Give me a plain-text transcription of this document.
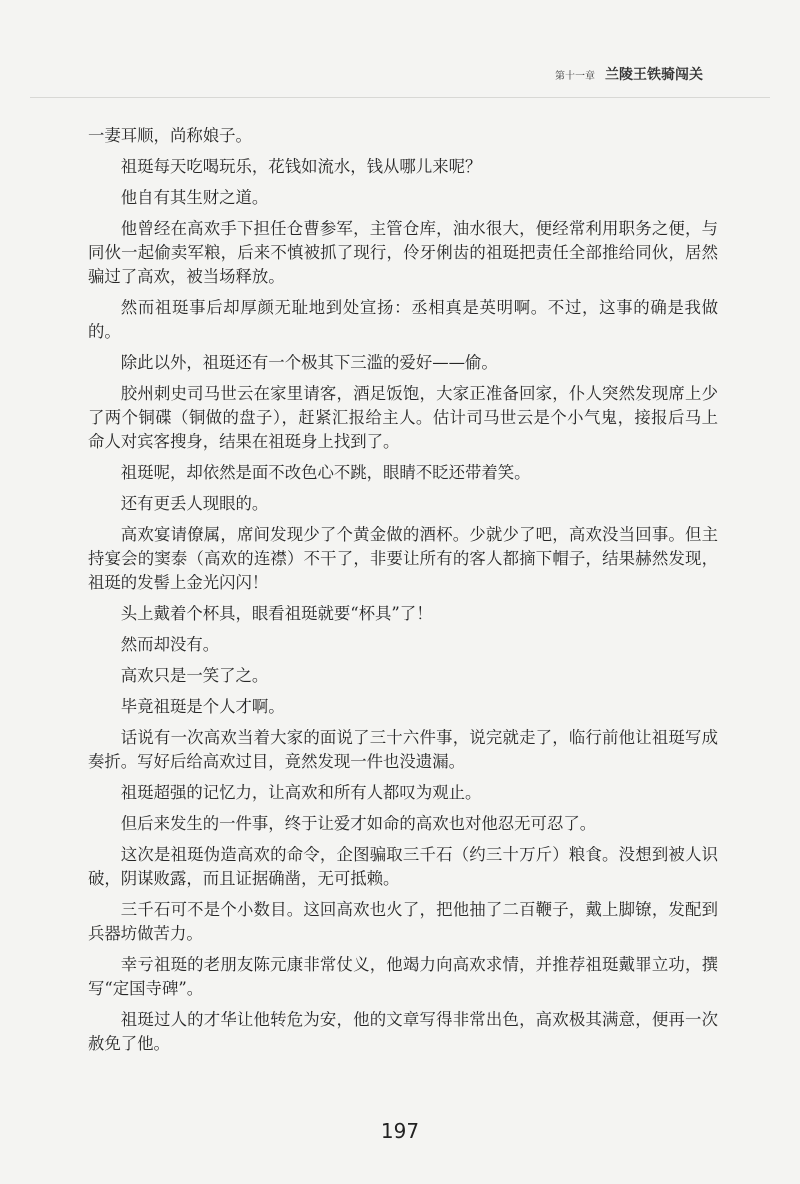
第十一章 兰陵王铁骑闯关

一妻耳顺，尚称娘子。

祖珽每天吃喝玩乐，花钱如流水，钱从哪儿来呢？

他自有其生财之道。

他曾经在高欢手下担任仓曹参军，主管仓库，油水很大，便经常利用职务之便，与同伙一起偷卖军粮，后来不慎被抓了现行，伶牙俐齿的祖珽把责任全部推给同伙，居然骗过了高欢，被当场释放。

然而祖珽事后却厚颜无耻地到处宣扬：丞相真是英明啊。不过，这事的确是我做的。

除此以外，祖珽还有一个极其下三滥的爱好——偷。

胶州刺史司马世云在家里请客，酒足饭饱，大家正准备回家，仆人突然发现席上少了两个铜碟（铜做的盘子），赶紧汇报给主人。估计司马世云是个小气鬼，接报后马上命人对宾客搜身，结果在祖珽身上找到了。

祖珽呢，却依然是面不改色心不跳，眼睛不眨还带着笑。

还有更丢人现眼的。

高欢宴请僚属，席间发现少了个黄金做的酒杯。少就少了吧，高欢没当回事。但主持宴会的窦泰（高欢的连襟）不干了，非要让所有的客人都摘下帽子，结果赫然发现，祖珽的发髻上金光闪闪！

头上戴着个杯具，眼看祖珽就要“杯具”了！

然而却没有。

高欢只是一笑了之。

毕竟祖珽是个人才啊。

话说有一次高欢当着大家的面说了三十六件事，说完就走了，临行前他让祖珽写成奏折。写好后给高欢过目，竟然发现一件也没遗漏。

祖珽超强的记忆力，让高欢和所有人都叹为观止。

但后来发生的一件事，终于让爱才如命的高欢也对他忍无可忍了。

这次是祖珽伪造高欢的命令，企图骗取三千石（约三十万斤）粮食。没想到被人识破，阴谋败露，而且证据确凿，无可抵赖。

三千石可不是个小数目。这回高欢也火了，把他抽了二百鞭子，戴上脚镣，发配到兵器坊做苦力。

幸亏祖珽的老朋友陈元康非常仗义，他竭力向高欢求情，并推荐祖珽戴罪立功，撰写“定国寺碑”。

祖珽过人的才华让他转危为安，他的文章写得非常出色，高欢极其满意，便再一次赦免了他。

197
